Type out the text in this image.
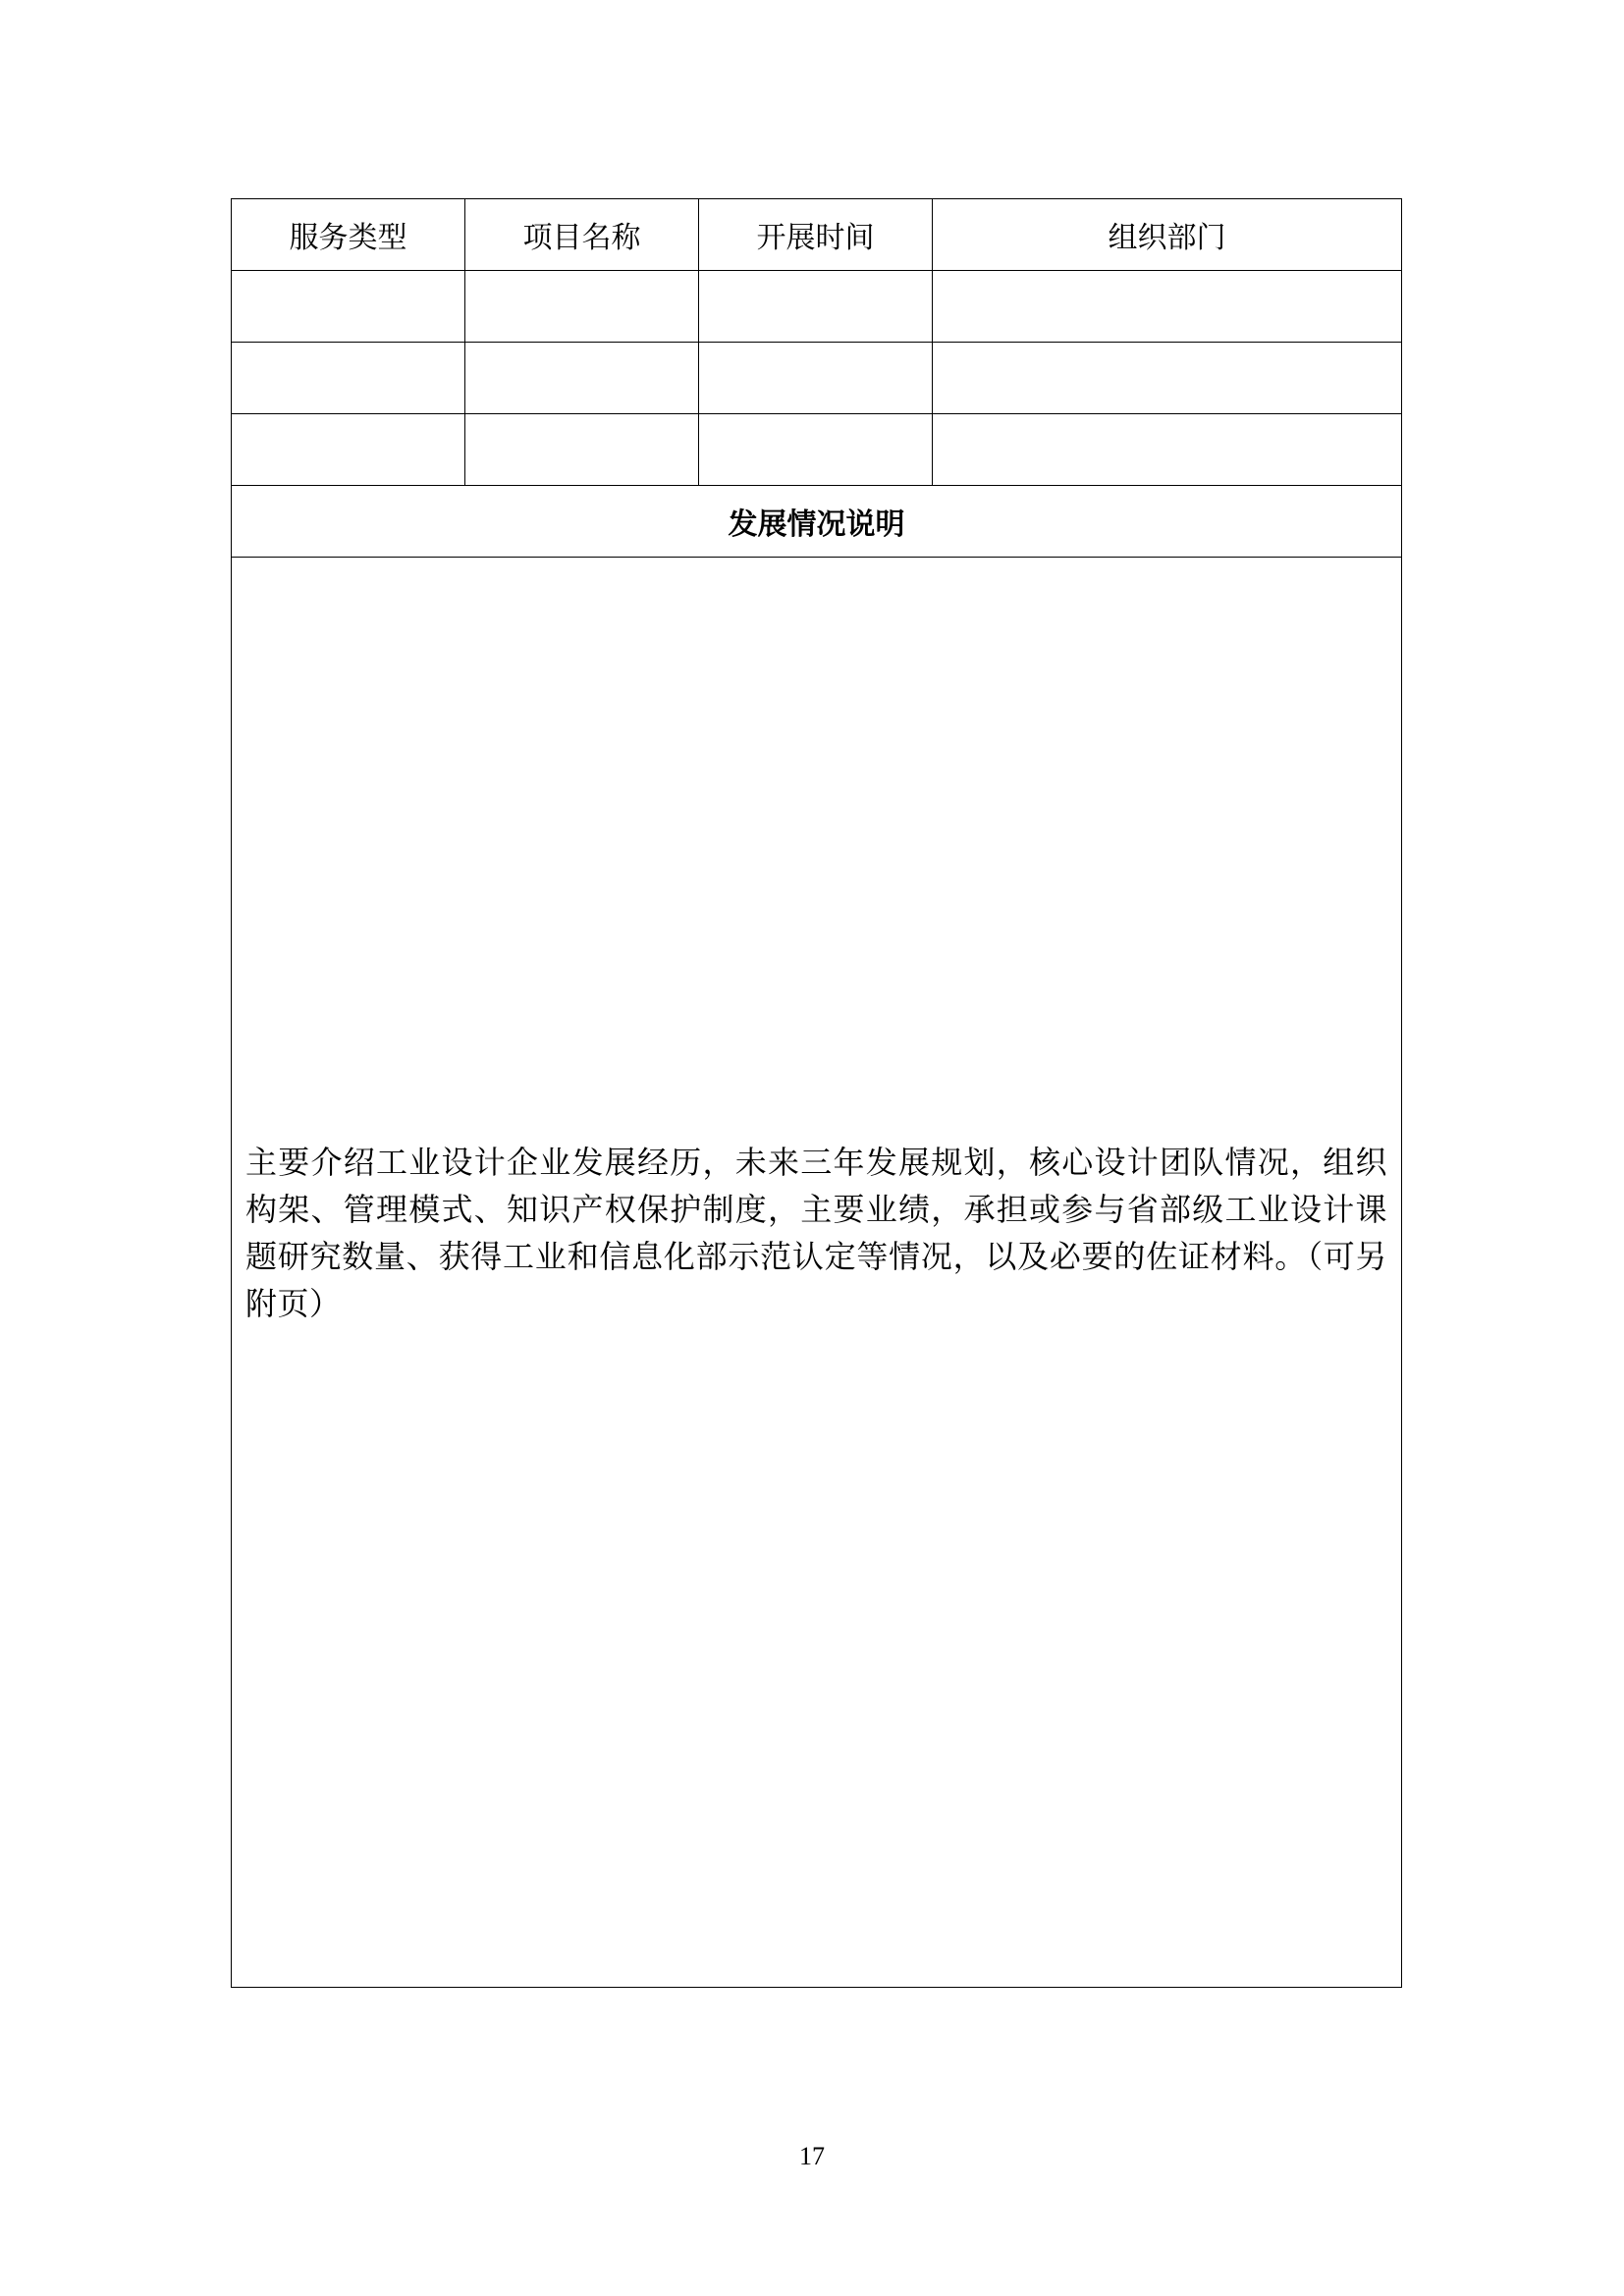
服务类型	项目名称	开展时间	组织部门

发展情况说明			

主要介绍工业设计企业发展经历，未来三年发展规划，核心设计团队情况，组织构架、管理模式、知识产权保护制度，主要业绩，承担或参与省部级工业设计课题研究数量、获得工业和信息化部示范认定等情况，以及必要的佐证材料。（可另附页）			
17
